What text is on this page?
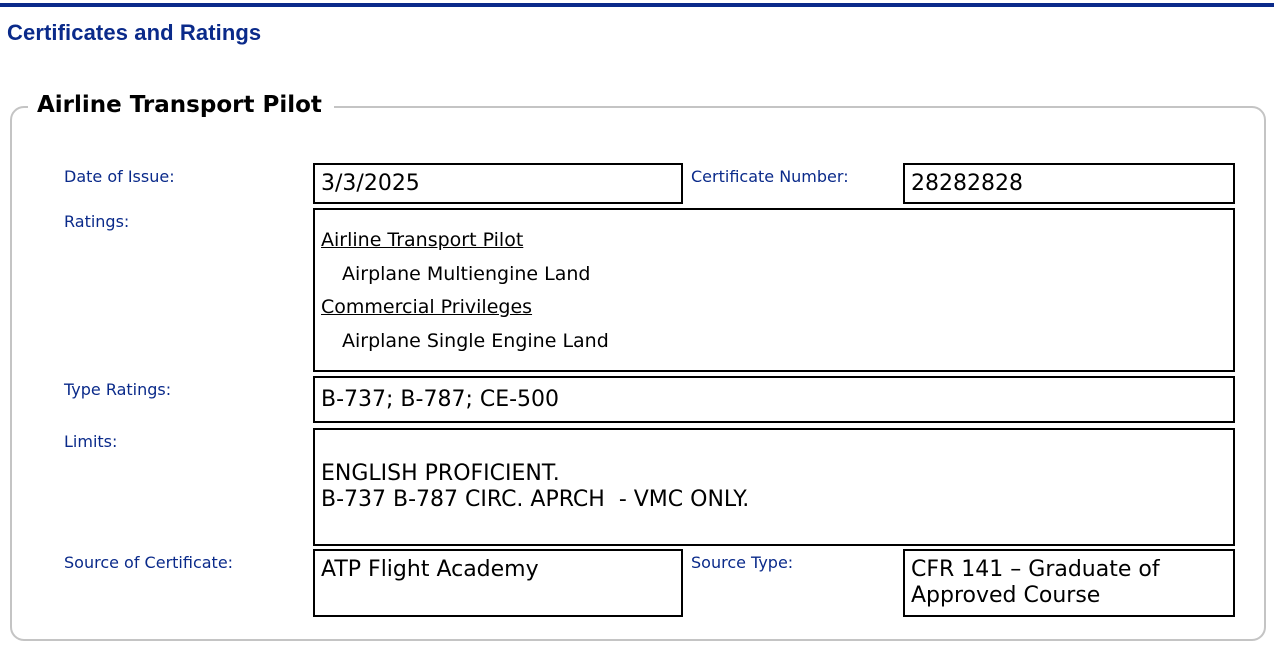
Certificates and Ratings
Airline Transport Pilot
Date of Issue:	3/3/2025	Certificate Number:	28282828
Ratings:
Airline Transport Pilot
Airplane Multiengine Land
Commercial Privileges
Airplane Single Engine Land
Type Ratings:	B-737; B-787; CE-500
Limits:
ENGLISH PROFICIENT.
B-737 B-787 CIRC. APRCH  - VMC ONLY.
Source of Certificate:	ATP Flight Academy	Source Type:	CFR 141 – Graduate of
Approved Course
